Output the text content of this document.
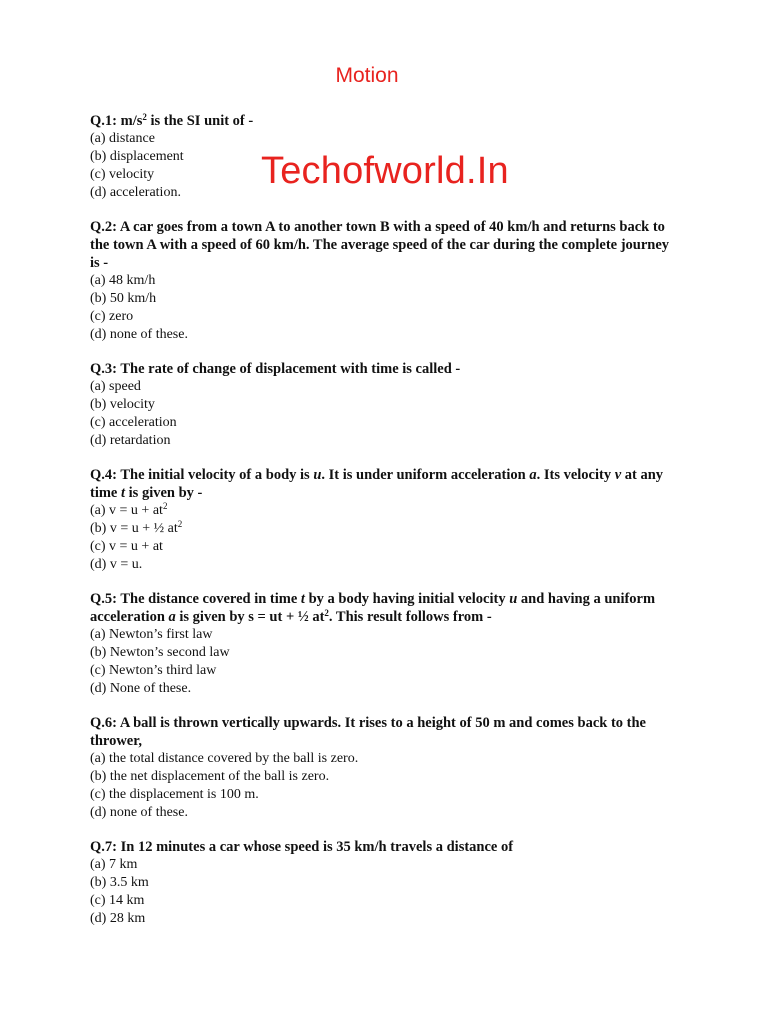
Motion
Techofworld.In
Q.1: $m/s^2$ is the SI unit of -
(a) distance
(b) displacement
(c) velocity
(d) acceleration.
Q.2: A car goes from a town A to another town B with a speed of 40 km/h and returns back to the town A with a speed of 60 km/h. The average speed of the car during the complete journey is -
(a) 48 km/h
(b) 50 km/h
(c) zero
(d) none of these.
Q.3: The rate of change of displacement with time is called -
(a) speed
(b) velocity
(c) acceleration
(d) retardation
Q.4: The initial velocity of a body is u. It is under uniform acceleration a. Its velocity v at any time t is given by -
(a) $v = u + at^2$
(b) v = u + ½ $at^2$
(c) v = u + at
(d) v = u.
Q.5: The distance covered in time t by a body having initial velocity u and having a uniform acceleration a is given by s = ut + ½ $at^2$. This result follows from -
(a) Newton’s first law
(b) Newton’s second law
(c) Newton’s third law
(d) None of these.
Q.6: A ball is thrown vertically upwards. It rises to a height of 50 m and comes back to the thrower,
(a) the total distance covered by the ball is zero.
(b) the net displacement of the ball is zero.
(c) the displacement is 100 m.
(d) none of these.
Q.7: In 12 minutes a car whose speed is 35 km/h travels a distance of
(a) 7 km
(b) 3.5 km
(c) 14 km
(d) 28 km
